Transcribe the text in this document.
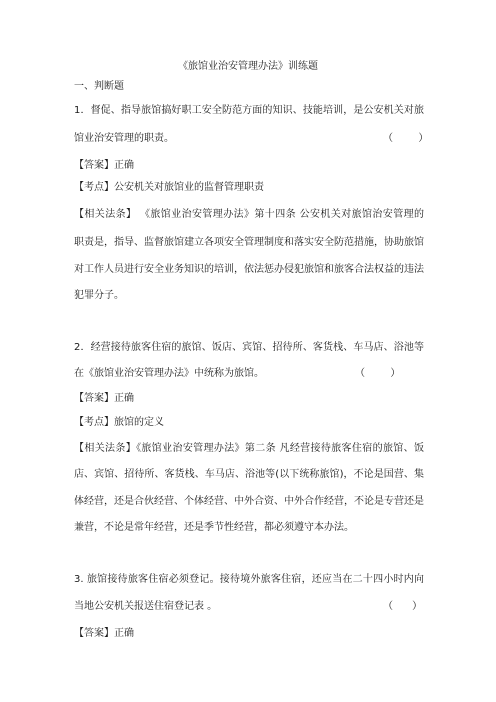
《旅馆业治安管理办法》训练题
一、判断题
1．督促、指导旅馆搞好职工安全防范方面的知识、技能培训，是公安机关对旅
馆业治安管理的职责。	（        ）
【答案】正确
【考点】公安机关对旅馆业的监督管理职责
【相关法条】 《旅馆业治安管理办法》第十四条 公安机关对旅馆治安管理的
职责是，指导、监督旅馆建立各项安全管理制度和落实安全防范措施，协助旅馆
对工作人员进行安全业务知识的培训，依法惩办侵犯旅馆和旅客合法权益的违法
犯罪分子。
2．经营接待旅客住宿的旅馆、饭店、宾馆、招待所、客货栈、车马店、浴池等
在《旅馆业治安管理办法》中统称为旅馆。	（        ）
【答案】正确
【考点】旅馆的定义
【相关法条】《旅馆业治安管理办法》第二条 凡经营接待旅客住宿的旅馆、饭
店、宾馆、招待所、客货栈、车马店、浴池等(以下统称旅馆)，不论是国营、集
体经营，还是合伙经营、个体经营、中外合资、中外合作经营，不论是专营还是
兼营，不论是常年经营，还是季节性经营，都必须遵守本办法。
3. 旅馆接待旅客住宿必须登记。接待境外旅客住宿，还应当在二十四小时内向
当地公安机关报送住宿登记表 。	（      ）
【答案】正确
